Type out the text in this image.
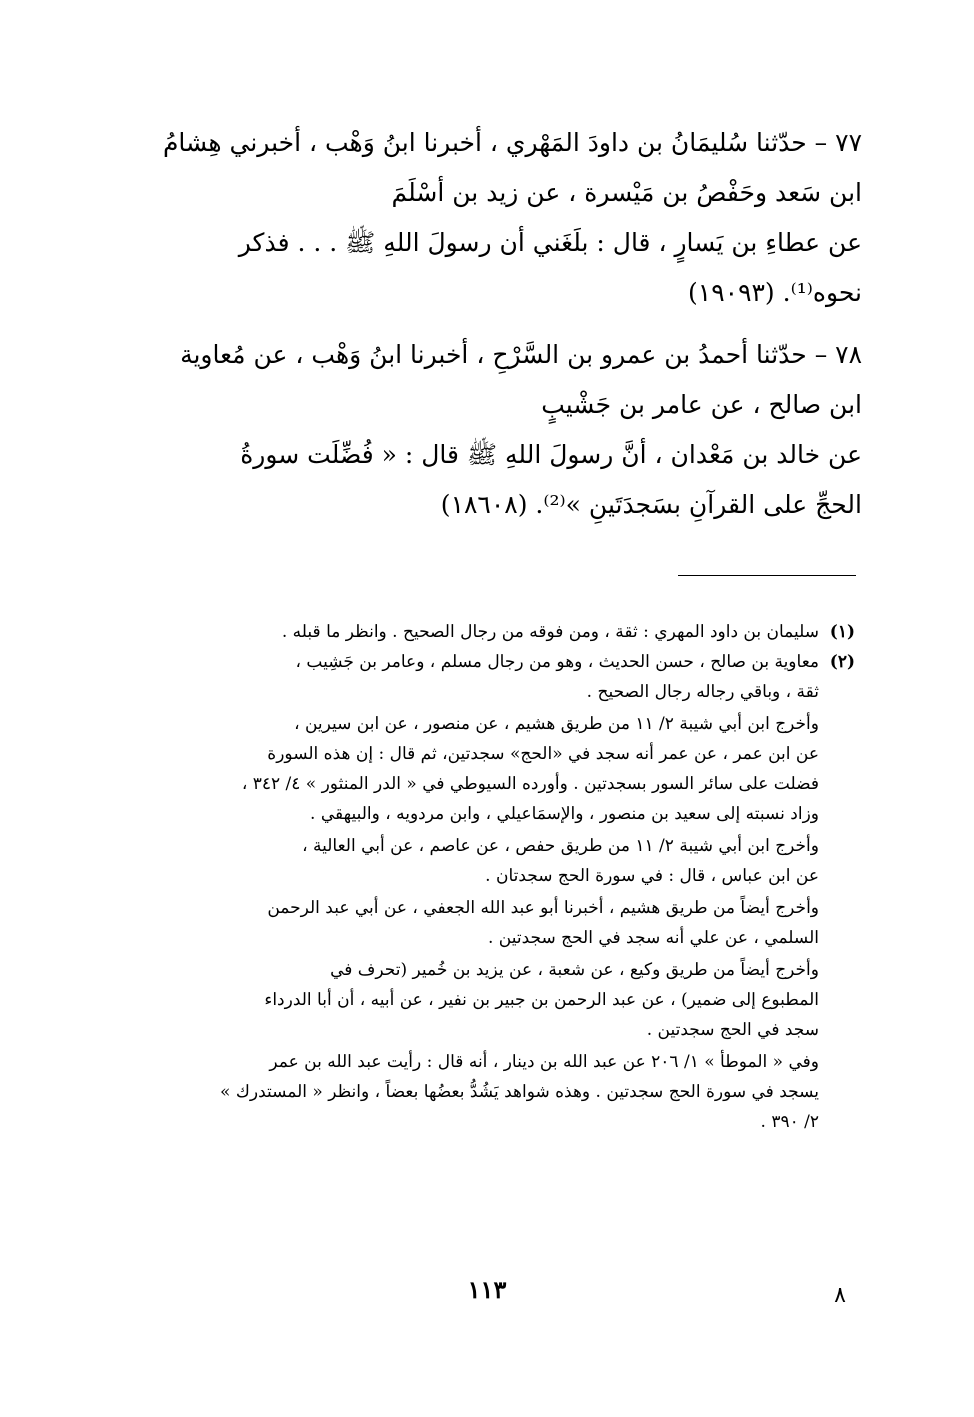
٧٧ – حدّثنا سُليمَانُ بن داودَ المَهْري ، أخبرنا ابنُ وَهْب ، أخبرني هِشامُ

ابن سَعد وحَفْصُ بن مَيْسرة ، عن زيد بن أسْلَمَ

عن عطاءِ بن يَسارٍ ، قال : بلَغَني أن رسولَ اللهِ ﷺ . . . فذكر

نحوه⁽¹⁾. (١٩٠٩٣)

٧٨ – حدّثنا أحمدُ بن عمرو بن السَّرْحِ ، أخبرنا ابنُ وَهْب ، عن مُعاوية

ابن صالح ، عن عامر بن جَشْيبٍ

عن خالد بن مَعْدان ، أنَّ رسولَ اللهِ ﷺ قال : « فُضِّلَت سورةُ

الحجِّ على القرآنِ بسَجدَتَينِ »⁽²⁾. (١٨٦٠٨)

(١)

سليمان بن داود المهري : ثقة ، ومن فوقه من رجال الصحيح . وانظر ما قبله .

(٢)

معاوية بن صالح ، حسن الحديث ، وهو من رجال مسلم ، وعامر بن جَشِيب ،

ثقة ، وباقي رجاله رجال الصحيح .

وأخرج ابن أبي شيبة ٢/ ١١ من طريق هشيم ، عن منصور ، عن ابن سيرين ،

عن ابن عمر ، عن عمر أنه سجد في «الحج» سجدتين، ثم قال : إن هذه السورة

فضلت على سائر السور بسجدتين . وأورده السيوطي في « الدر المنثور » ٤/ ٣٤٢ ،

وزاد نسبته إلى سعيد بن منصور ، والإسمَاعيلي ، وابن مردويه ، والبيهقي .

وأخرج ابن أبي شيبة ٢/ ١١ من طريق حفص ، عن عاصم ، عن أبي العالية ،

عن ابن عباس ، قال : في سورة الحج سجدتان .

وأخرج أيضاً من طريق هشيم ، أخبرنا أبو عبد الله الجعفي ، عن أبي عبد الرحمن

السلمي ، عن علي أنه سجد في الحج سجدتين .

وأخرج أيضاً من طريق وكيع ، عن شعبة ، عن يزيد بن خُمير (تحرف في

المطبوع إلى ضمير) ، عن عبد الرحمن بن جبير بن نفير ، عن أبيه ، أن أبا الدرداء

سجد في الحج سجدتين .

وفي « الموطأ » ١/ ٢٠٦ عن عبد الله بن دينار ، أنه قال : رأيت عبد الله بن عمر

يسجد في سورة الحج سجدتين . وهذه شواهد يَشُدُّ بعضُها بعضاً ، وانظر « المستدرك »

٢/ ٣٩٠ .

١١٣	٨
